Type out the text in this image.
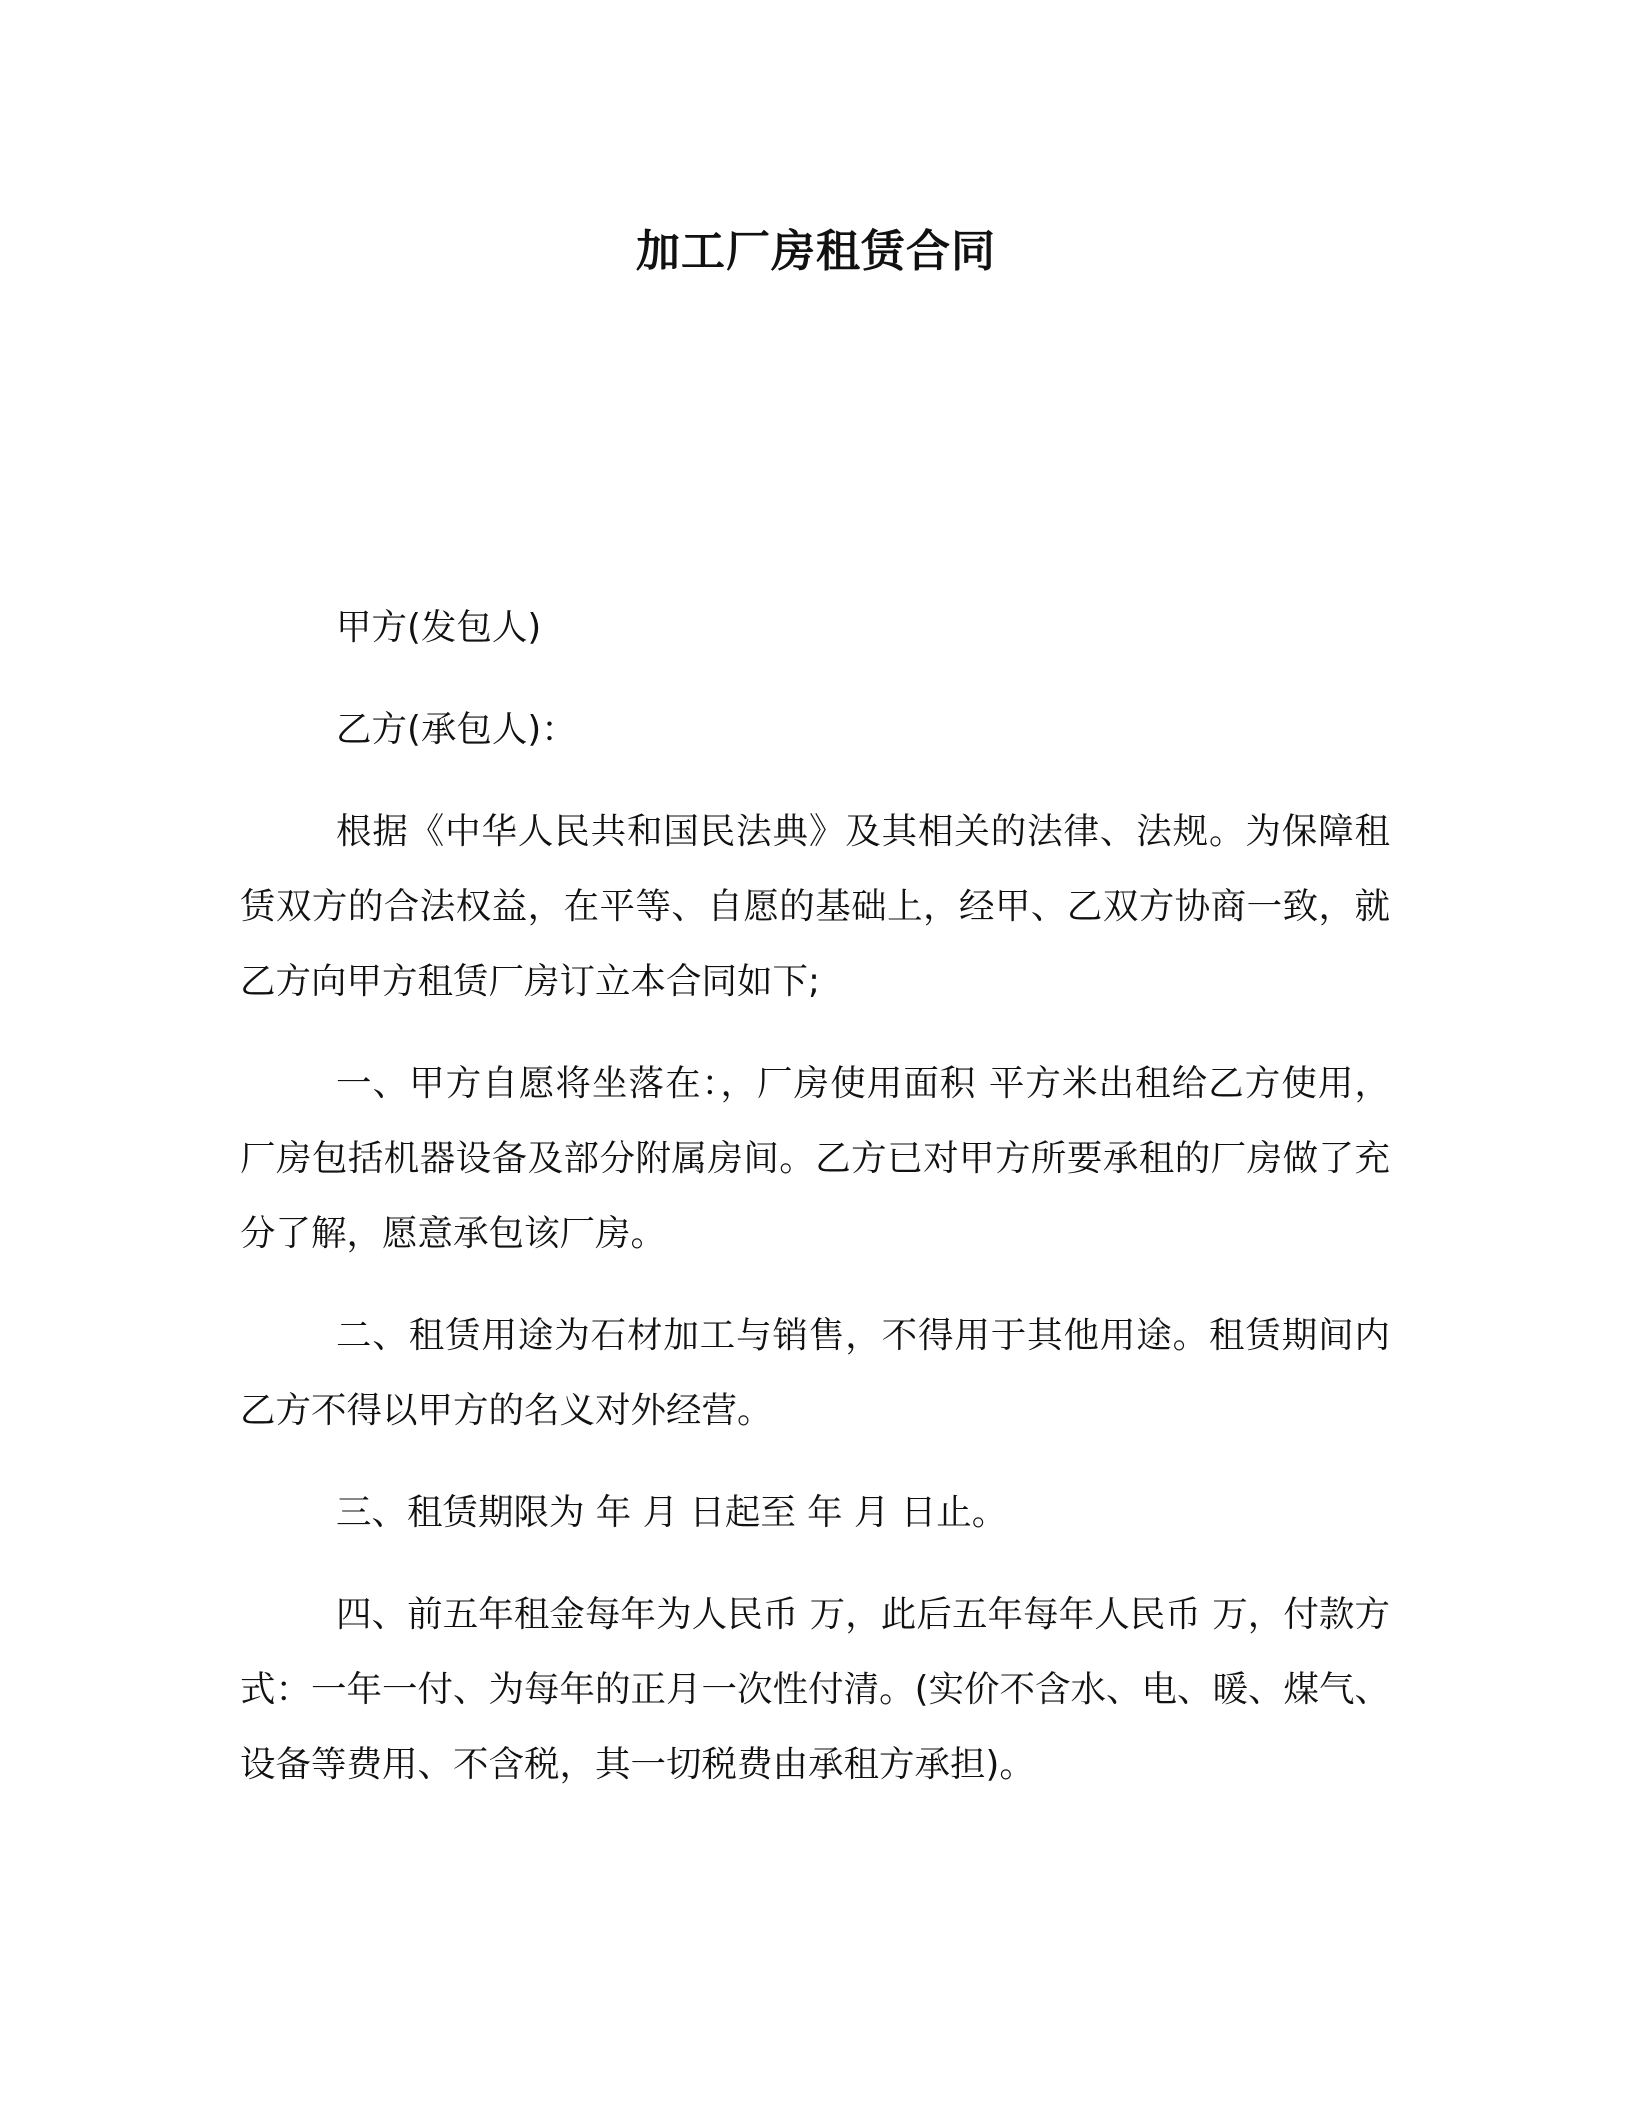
加工厂房租赁合同

甲方(发包人)

乙方(承包人)：

根据《中华人民共和国民法典》及其相关的法律、法规。为保障租赁双方的合法权益，在平等、自愿的基础上，经甲、乙双方协商一致，就乙方向甲方租赁厂房订立本合同如下;

一、甲方自愿将坐落在：，厂房使用面积 平方米出租给乙方使用，厂房包括机器设备及部分附属房间。乙方已对甲方所要承租的厂房做了充分了解，愿意承包该厂房。

二、租赁用途为石材加工与销售，不得用于其他用途。租赁期间内乙方不得以甲方的名义对外经营。

三、租赁期限为 年 月 日起至 年 月 日止。

四、前五年租金每年为人民币 万，此后五年每年人民币 万，付款方式：一年一付、为每年的正月一次性付清。(实价不含水、电、暖、煤气、设备等费用、不含税，其一切税费由承租方承担)。
